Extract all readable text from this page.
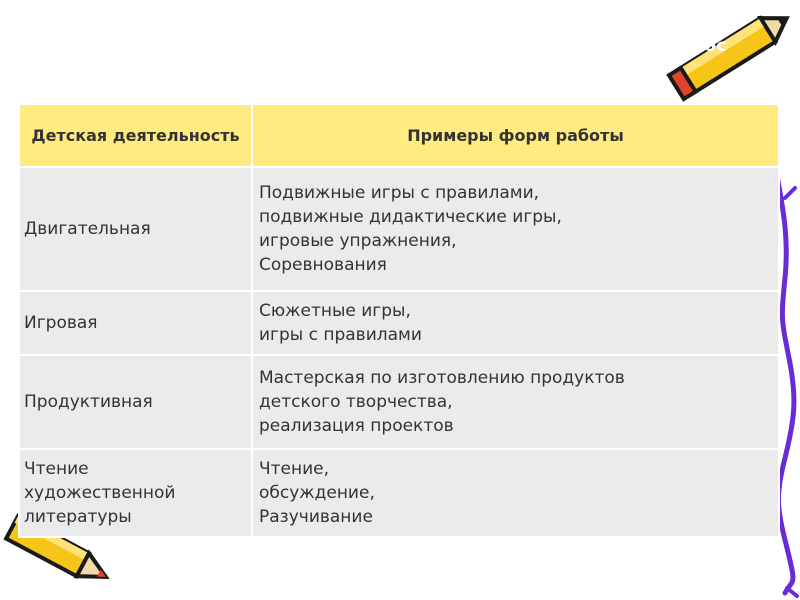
нос
Детская деятельность	Примеры форм работы
Двигательная	Подвижные игры с правилами,
подвижные дидактические игры,
игровые упражнения,
Соревнования

Игровая	Сюжетные игры,
игры с правилами

Продуктивная	Мастерская по изготовлению продуктов
детского творчества,
реализация проектов

Чтение художественной литературы	Чтение,
обсуждение,
Разучивание
